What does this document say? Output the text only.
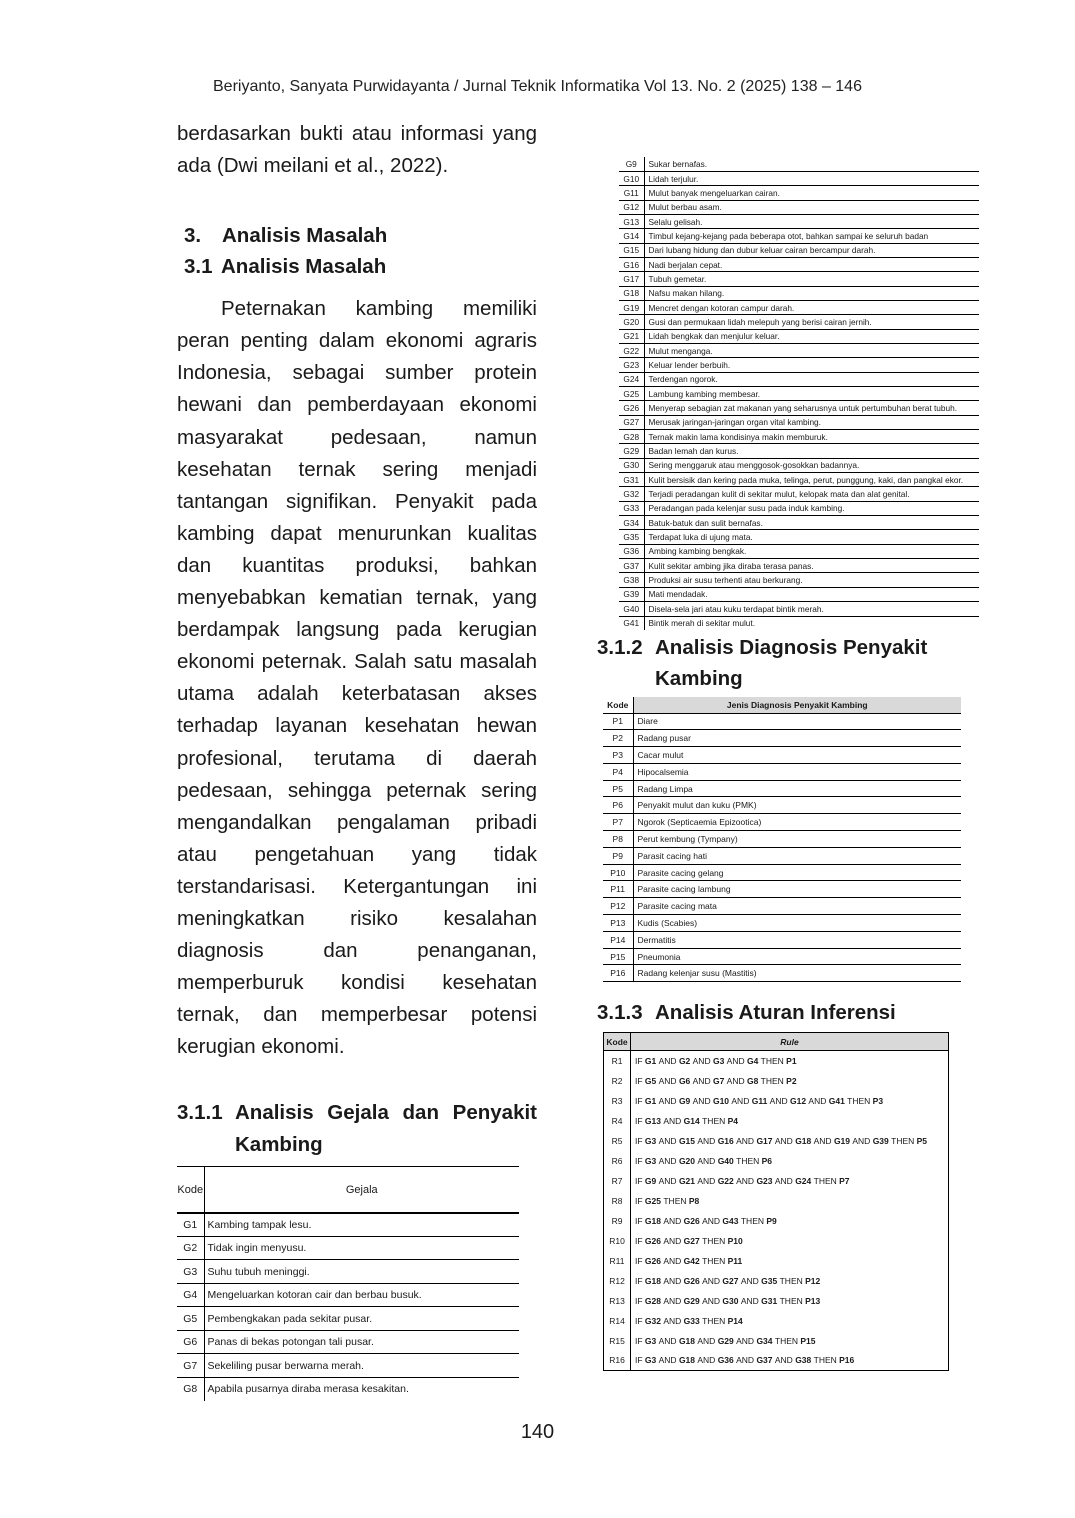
Beriyanto, Sanyata Purwidayanta / Jurnal Teknik Informatika Vol 13. No. 2 (2025) 138 – 146

berdasarkan bukti atau informasi yang ada (Dwi meilani et al., 2022).

3. Analisis Masalah
3.1 Analisis Masalah

Peternakan kambing memiliki peran penting dalam ekonomi agraris Indonesia, sebagai sumber protein hewani dan pemberdayaan ekonomi masyarakat pedesaan, namun kesehatan ternak sering menjadi tantangan signifikan. Penyakit pada kambing dapat menurunkan kualitas dan kuantitas produksi, bahkan menyebabkan kematian ternak, yang berdampak langsung pada kerugian ekonomi peternak. Salah satu masalah utama adalah keterbatasan akses terhadap layanan kesehatan hewan profesional, terutama di daerah pedesaan, sehingga peternak sering mengandalkan pengalaman pribadi atau pengetahuan yang tidak terstandarisasi. Ketergantungan ini meningkatkan risiko kesalahan diagnosis dan penanganan, memperburuk kondisi kesehatan ternak, dan memperbesar potensi kerugian ekonomi.

3.1.1 Analisis Gejala dan Penyakit
Kambing
Kode	Gejala
G1	Kambing tampak lesu.
G2	Tidak ingin menyusu.
G3	Suhu tubuh meninggi.
G4	Mengeluarkan kotoran cair dan berbau busuk.
G5	Pembengkakan pada sekitar pusar.
G6	Panas di bekas potongan tali pusar.
G7	Sekeliling pusar berwarna merah.
G8	Apabila pusarnya diraba merasa kesakitan.
G9	Sukar bernafas.
G10	Lidah terjulur.
G11	Mulut banyak mengeluarkan cairan.
G12	Mulut berbau asam.
G13	Selalu gelisah.
G14	Timbul kejang-kejang pada beberapa otot, bahkan sampai ke seluruh badan
G15	Dari lubang hidung dan dubur keluar cairan bercampur darah.
G16	Nadi berjalan cepat.
G17	Tubuh gemetar.
G18	Nafsu makan hilang.
G19	Mencret dengan kotoran campur darah.
G20	Gusi dan permukaan lidah melepuh yang berisi cairan jernih.
G21	Lidah bengkak dan menjulur keluar.
G22	Mulut menganga.
G23	Keluar lender berbuih.
G24	Terdengan ngorok.
G25	Lambung kambing membesar.
G26	Menyerap sebagian zat makanan yang seharusnya untuk pertumbuhan berat tubuh.
G27	Merusak jaringan-jaringan organ vital kambing.
G28	Ternak makin lama kondisinya makin memburuk.
G29	Badan lemah dan kurus.
G30	Sering menggaruk atau menggosok-gosokkan badannya.
G31	Kulit bersisik dan kering pada muka, telinga, perut, punggung, kaki, dan pangkal ekor.
G32	Terjadi peradangan kulit di sekitar mulut, kelopak mata dan alat genital.
G33	Peradangan pada kelenjar susu pada induk kambing.
G34	Batuk-batuk dan sulit bernafas.
G35	Terdapat luka di ujung mata.
G36	Ambing kambing bengkak.
G37	Kulit sekitar ambing jika diraba terasa panas.
G38	Produksi air susu terhenti atau berkurang.
G39	Mati mendadak.
G40	Disela-sela jari atau kuku terdapat bintik merah.
G41	Bintik merah di sekitar mulut.
3.1.2 Analisis Diagnosis Penyakit
Kambing
Kode	Jenis Diagnosis Penyakit Kambing
P1	Diare
P2	Radang pusar
P3	Cacar mulut
P4	Hipocalsemia
P5	Radang Limpa
P6	Penyakit mulut dan kuku (PMK)
P7	Ngorok (Septicaemia Epizootica)
P8	Perut kembung (Tympany)
P9	Parasit cacing hati
P10	Parasite cacing gelang
P11	Parasite cacing lambung
P12	Parasite cacing mata
P13	Kudis (Scabies)
P14	Dermatitis
P15	Pneumonia
P16	Radang kelenjar susu (Mastitis)
3.1.3 Analisis Aturan Inferensi
Kode	Rule
R1	IF G1 AND G2 AND G3 AND G4 THEN P1
R2	IF G5 AND G6 AND G7 AND G8 THEN P2
R3	IF G1 AND G9 AND G10 AND G11 AND G12 AND G41 THEN P3
R4	IF G13 AND G14 THEN P4
R5	IF G3 AND G15 AND G16 AND G17 AND G18 AND G19 AND G39 THEN P5
R6	IF G3 AND G20 AND G40 THEN P6
R7	IF G9 AND G21 AND G22 AND G23 AND G24 THEN P7
R8	IF G25 THEN P8
R9	IF G18 AND G26 AND G43 THEN P9
R10	IF G26 AND G27 THEN P10
R11	IF G26 AND G42 THEN P11
R12	IF G18 AND G26 AND G27 AND G35 THEN P12
R13	IF G28 AND G29 AND G30 AND G31 THEN P13
R14	IF G32 AND G33 THEN P14
R15	IF G3 AND G18 AND G29 AND G34 THEN P15
R16	IF G3 AND G18 AND G36 AND G37 AND G38 THEN P16
140
